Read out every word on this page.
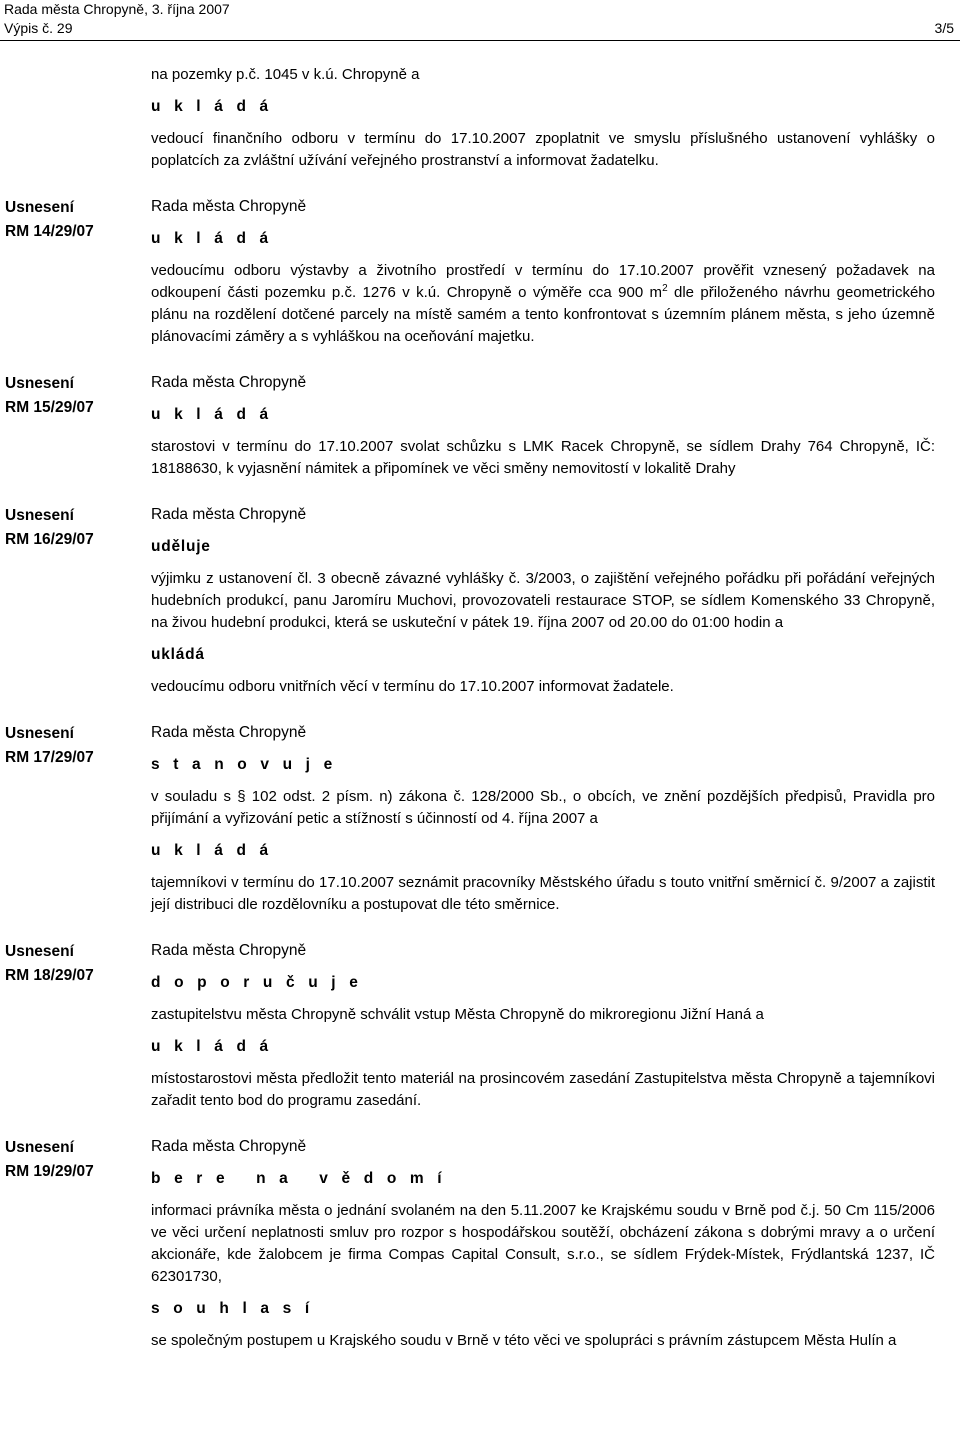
Rada města Chropyně, 3. října 2007
Výpis č. 29	3/5

na pozemky p.č. 1045 v k.ú. Chropyně a

u k l á d á

vedoucí finančního odboru v termínu do 17.10.2007 zpoplatnit ve smyslu příslušného ustanovení vyhlášky o poplatcích za zvláštní užívání veřejného prostranství a informovat žadatelku.

Usnesení
RM 14/29/07

Rada města Chropyně

u k l á d á

vedoucímu odboru výstavby a životního prostředí v termínu do 17.10.2007 prověřit vznesený požadavek na odkoupení části pozemku p.č. 1276 v k.ú. Chropyně o výměře cca 900 $m^2$ dle přiloženého návrhu geometrického plánu na rozdělení dotčené parcely na místě samém a tento konfrontovat s územním plánem města, s jeho územně plánovacími záměry a s vyhláškou na oceňování majetku.

Usnesení
RM 15/29/07

Rada města Chropyně

u k l á d á

starostovi v termínu do 17.10.2007 svolat schůzku s LMK Racek Chropyně, se sídlem Drahy 764 Chropyně, IČ: 18188630, k vyjasnění námitek a připomínek ve věci směny nemovitostí v lokalitě Drahy

Usnesení
RM 16/29/07

Rada města Chropyně

uděluje

výjimku z ustanovení čl. 3 obecně závazné vyhlášky č. 3/2003, o zajištění veřejného pořádku při pořádání veřejných hudebních produkcí, panu Jaromíru Muchovi, provozovateli restaurace STOP, se sídlem Komenského 33 Chropyně, na živou hudební produkci, která se uskuteční v pátek 19. října 2007 od 20.00 do 01:00 hodin a

ukládá

vedoucímu odboru vnitřních věcí v termínu do 17.10.2007 informovat žadatele.

Usnesení
RM 17/29/07

Rada města Chropyně

s t a n o v u j e

v souladu s § 102 odst. 2 písm. n) zákona č. 128/2000 Sb., o obcích, ve znění pozdějších předpisů, Pravidla pro přijímání a vyřizování petic a stížností s účinností od 4. října 2007 a

u k l á d á

tajemníkovi v termínu do 17.10.2007 seznámit pracovníky Městského úřadu s touto vnitřní směrnicí č. 9/2007 a zajistit její distribuci dle rozdělovníku a postupovat dle této směrnice.

Usnesení
RM 18/29/07

Rada města Chropyně

d o p o r u č u j e

zastupitelstvu města Chropyně schválit vstup Města Chropyně do mikroregionu Jižní Haná a

u k l á d á

místostarostovi města předložit tento materiál na prosincovém zasedání Zastupitelstva města Chropyně a tajemníkovi zařadit tento bod do programu zasedání.

Usnesení
RM 19/29/07

Rada města Chropyně

b e r e   n a   v ě d o m í

informaci právníka města o jednání svolaném na den 5.11.2007 ke Krajskému soudu v Brně pod č.j. 50 Cm 115/2006 ve věci určení neplatnosti smluv pro rozpor s hospodářskou soutěží, obcházení zákona s dobrými mravy a o určení akcionáře, kde žalobcem je firma Compas Capital Consult, s.r.o., se sídlem Frýdek-Místek, Frýdlantská 1237, IČ 62301730,

s o u h l a s í

se společným postupem u Krajského soudu v Brně v této věci ve spolupráci s právním zástupcem Města Hulín a
